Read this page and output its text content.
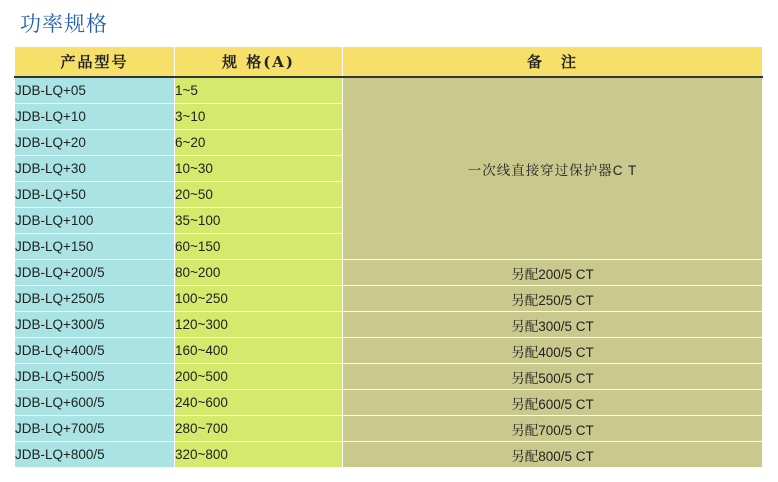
功率规格
产品型号	规 格(A)	备　注
JDB-LQ+05	1~5	一次线直接穿过保护器C T
JDB-LQ+10	3~10	
JDB-LQ+20	6~20	
JDB-LQ+30	10~30	
JDB-LQ+50	20~50	
JDB-LQ+100	35~100	
JDB-LQ+150	60~150	
JDB-LQ+200/5	80~200	另配200/5 CT
JDB-LQ+250/5	100~250	另配250/5 CT
JDB-LQ+300/5	120~300	另配300/5 CT
JDB-LQ+400/5	160~400	另配400/5 CT
JDB-LQ+500/5	200~500	另配500/5 CT
JDB-LQ+600/5	240~600	另配600/5 CT
JDB-LQ+700/5	280~700	另配700/5 CT
JDB-LQ+800/5	320~800	另配800/5 CT
